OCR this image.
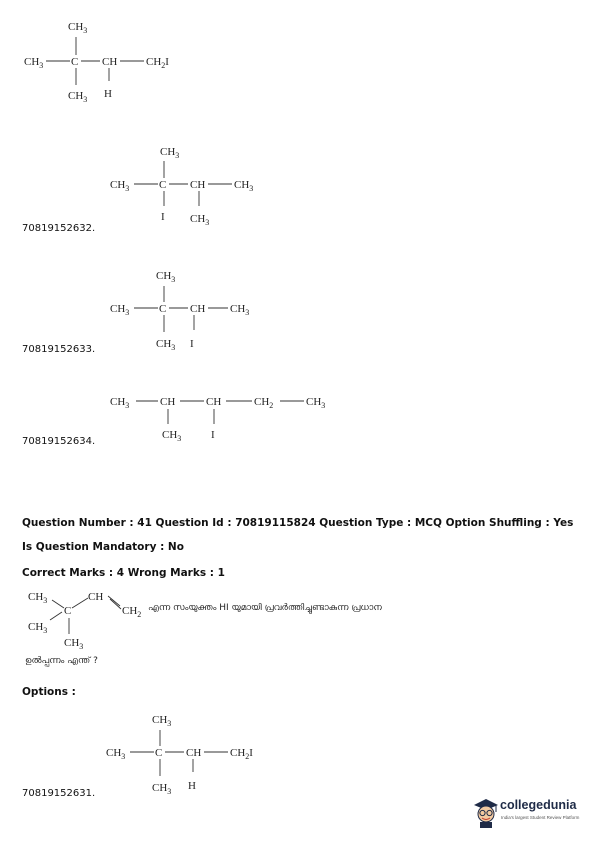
$CH_3$
$CH_3$	C CH	$CH_2I$
$CH_3$ H
$CH_3$
$CH_3$	C CH	$CH_3$
I $CH_3$
70819152632.
$CH_3$
$CH_3$	C CH $CH_3$
$CH_3$ I
70819152633.
$CH_3$	CH	CH	$CH_2$	$CH_3$
$CH_3$	I
70819152634.
Question Number : 41 Question Id : 70819115824 Question Type : MCQ Option Shuffling : Yes
Is Question Mandatory : No
Correct Marks : 4 Wrong Marks : 1
$CH_3$
C
CH
$CH_2$
$CH_3$
$CH_3$
എന്ന സംയുക്തം HI യുമായി പ്രവർത്തിച്ചുണ്ടാകുന്ന പ്രധാന
ഉൽപ്പന്നം എന്ത് ?
Options :
$CH_3$
$CH_3$	C CH	$CH_2I$
$CH_3$ H
70819152631.
collegedunia
India's largest Student Review Platform
